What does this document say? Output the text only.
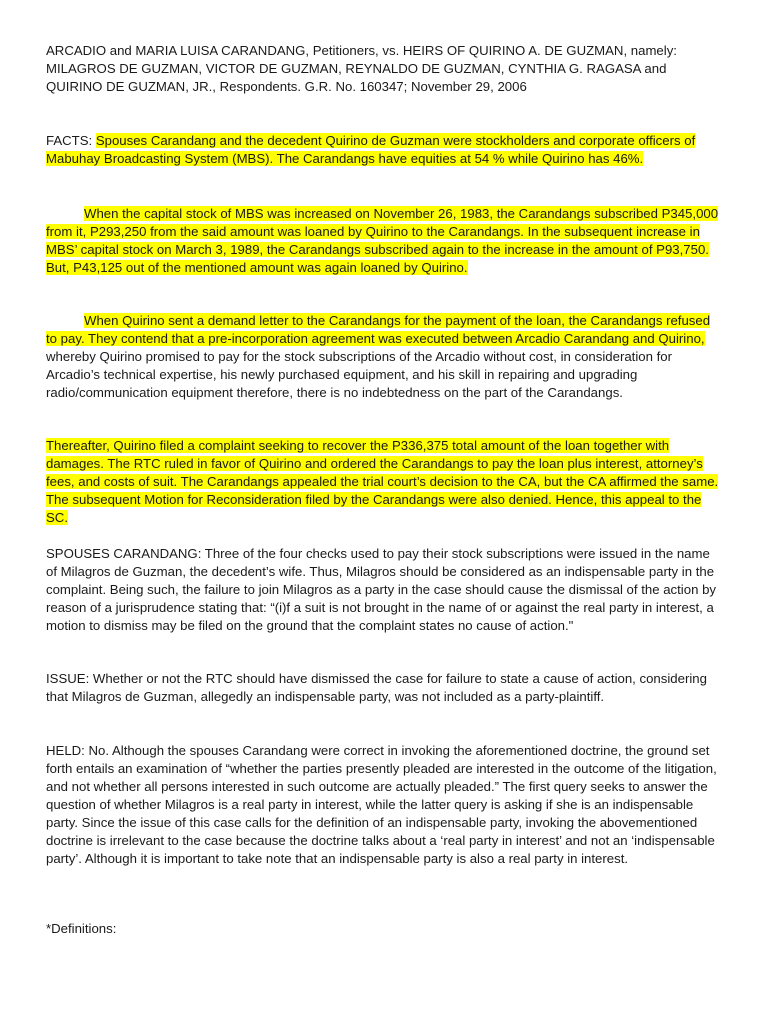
ARCADIO and MARIA LUISA CARANDANG, Petitioners, vs. HEIRS OF QUIRINO A. DE GUZMAN, namely: MILAGROS DE GUZMAN, VICTOR DE GUZMAN, REYNALDO DE GUZMAN, CYNTHIA G. RAGASA and QUIRINO DE GUZMAN, JR., Respondents. G.R. No. 160347; November 29, 2006

FACTS: Spouses Carandang and the decedent Quirino de Guzman were stockholders and corporate officers of Mabuhay Broadcasting System (MBS). The Carandangs have equities at 54 % while Quirino has 46%.

When the capital stock of MBS was increased on November 26, 1983, the Carandangs subscribed P345,000 from it, P293,250 from the said amount was loaned by Quirino to the Carandangs. In the subsequent increase in MBS’ capital stock on March 3, 1989, the Carandangs subscribed again to the increase in the amount of P93,750. But, P43,125 out of the mentioned amount was again loaned by Quirino.

When Quirino sent a demand letter to the Carandangs for the payment of the loan, the Carandangs refused to pay. They contend that a pre-incorporation agreement was executed between Arcadio Carandang and Quirino, whereby Quirino promised to pay for the stock subscriptions of the Arcadio without cost, in consideration for Arcadio’s technical expertise, his newly purchased equipment, and his skill in repairing and upgrading radio/communication equipment therefore, there is no indebtedness on the part of the Carandangs.

Thereafter, Quirino filed a complaint seeking to recover the P336,375 total amount of the loan together with damages. The RTC ruled in favor of Quirino and ordered the Carandangs to pay the loan plus interest, attorney’s fees, and costs of suit. The Carandangs appealed the trial court’s decision to the CA, but the CA affirmed the same. The subsequent Motion for Reconsideration filed by the Carandangs were also denied. Hence, this appeal to the SC.

SPOUSES CARANDANG: Three of the four checks used to pay their stock subscriptions were issued in the name of Milagros de Guzman, the decedent’s wife. Thus, Milagros should be considered as an indispensable party in the complaint. Being such, the failure to join Milagros as a party in the case should cause the dismissal of the action by reason of a jurisprudence stating that: “(i)f a suit is not brought in the name of or against the real party in interest, a motion to dismiss may be filed on the ground that the complaint states no cause of action."

ISSUE: Whether or not the RTC should have dismissed the case for failure to state a cause of action, considering that Milagros de Guzman, allegedly an indispensable party, was not included as a party-plaintiff.

HELD: No. Although the spouses Carandang were correct in invoking the aforementioned doctrine, the ground set forth entails an examination of “whether the parties presently pleaded are interested in the outcome of the litigation, and not whether all persons interested in such outcome are actually pleaded.” The first query seeks to answer the question of whether Milagros is a real party in interest, while the latter query is asking if she is an indispensable party. Since the issue of this case calls for the definition of an indispensable party, invoking the abovementioned doctrine is irrelevant to the case because the doctrine talks about a ‘real party in interest’ and not an ‘indispensable party’. Although it is important to take note that an indispensable party is also a real party in interest.

*Definitions:
